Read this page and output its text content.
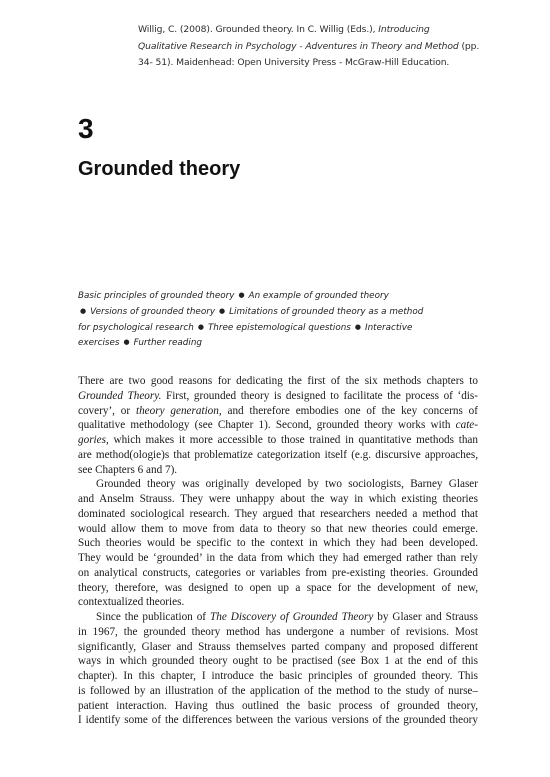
Willig, C. (2008). Grounded theory. In C. Willig (Eds.), Introducing
Qualitative Research in Psychology - Adventures in Theory and Method (pp.
34- 51). Maidenhead: Open University Press - McGraw-Hill Education.
3
Grounded theory
Basic principles of grounded theory ● An example of grounded theory
● Versions of grounded theory ● Limitations of grounded theory as a method
for psychological research ● Three epistemological questions ● Interactive
exercises ● Further reading
There are two good reasons for dedicating the first of the six methods chapters to
Grounded Theory. First, grounded theory is designed to facilitate the process of ‘dis-
covery’, or theory generation, and therefore embodies one of the key concerns of
qualitative methodology (see Chapter 1). Second, grounded theory works with cate-
gories, which makes it more accessible to those trained in quantitative methods than
are method(ologie)s that problematize categorization itself (e.g. discursive approaches,
see Chapters 6 and 7).
Grounded theory was originally developed by two sociologists, Barney Glaser
and Anselm Strauss. They were unhappy about the way in which existing theories
dominated sociological research. They argued that researchers needed a method that
would allow them to move from data to theory so that new theories could emerge.
Such theories would be specific to the context in which they had been developed.
They would be ‘grounded’ in the data from which they had emerged rather than rely
on analytical constructs, categories or variables from pre-existing theories. Grounded
theory, therefore, was designed to open up a space for the development of new,
contextualized theories.
Since the publication of The Discovery of Grounded Theory by Glaser and Strauss
in 1967, the grounded theory method has undergone a number of revisions. Most
significantly, Glaser and Strauss themselves parted company and proposed different
ways in which grounded theory ought to be practised (see Box 1 at the end of this
chapter). In this chapter, I introduce the basic principles of grounded theory. This
is followed by an illustration of the application of the method to the study of nurse–
patient interaction. Having thus outlined the basic process of grounded theory,
I identify some of the differences between the various versions of the grounded theory
